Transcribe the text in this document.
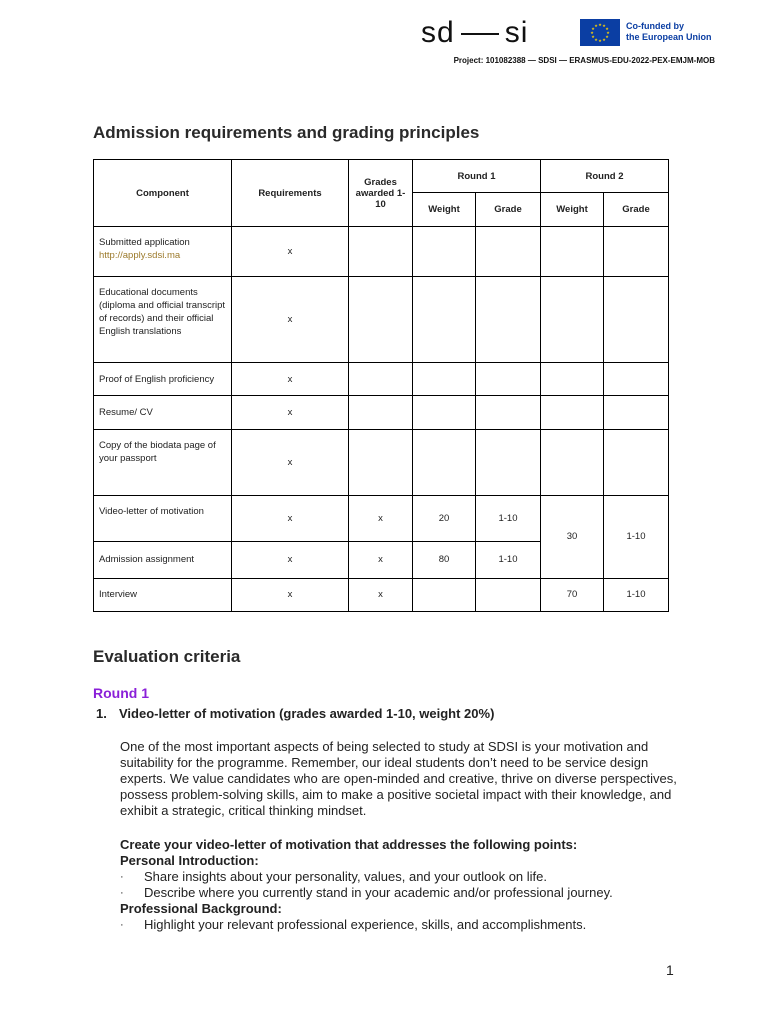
sd si	★ ★
★
★
★
★
★
★
★
★
★
★	Co-funded by
the European Union
Project: 101082388 — SDSI — ERASMUS-EDU-2022-PEX-EMJM-MOB
Admission requirements and grading principles
Component	Requirements	Grades awarded 1-10	Round 1		Round 2	
			Weight	Grade	Weight	Grade

Submitted application
http://apply.sdsi.ma	x					
Educational documents (diploma and official transcript of records) and their official English translations	x					
Proof of English proficiency	x					
Resume/ CV	x					
Copy of the biodata page of your passport	x					
Video-letter of motivation	x	x	20	1-10	30	1-10
Admission assignment	x	x	80	1-10		
Interview	x	x			70	1-10
Evaluation criteria
Round 1
1. Video-letter of motivation (grades awarded 1-10, weight 20%)

One of the most important aspects of being selected to study at SDSI is your motivation and suitability for the programme. Remember, our ideal students don’t need to be service design experts. We value candidates who are open-minded and creative, thrive on diverse perspectives, possess problem-solving skills, aim to make a positive societal impact with their knowledge, and exhibit a strategic, critical thinking mindset.

Create your video-letter of motivation that addresses the following points:

Personal Introduction:

·	Share insights about your personality, values, and your outlook on life.
·	Describe where you currently stand in your academic and/or professional journey.

Professional Background:

·	Highlight your relevant professional experience, skills, and accomplishments.
1
